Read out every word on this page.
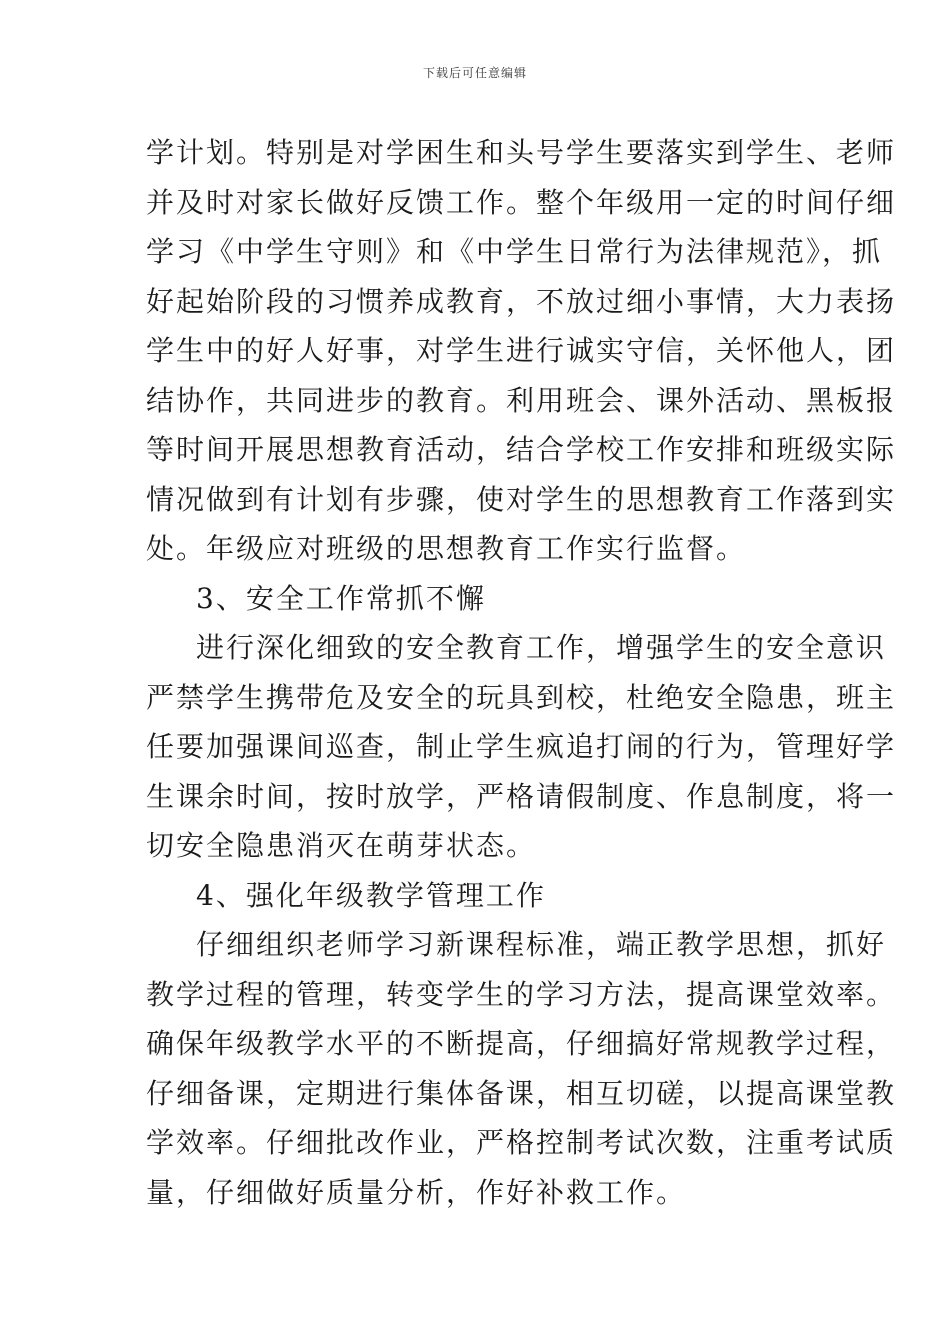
下载后可任意编辑
学计划。特别是对学困生和头号学生要落实到学生、老师
并及时对家长做好反馈工作。整个年级用一定的时间仔细
学习《中学生守则》和《中学生日常行为法律规范》，抓
好起始阶段的习惯养成教育，不放过细小事情，大力表扬
学生中的好人好事，对学生进行诚实守信，关怀他人，团
结协作，共同进步的教育。利用班会、课外活动、黑板报
等时间开展思想教育活动，结合学校工作安排和班级实际
情况做到有计划有步骤，使对学生的思想教育工作落到实
处。年级应对班级的思想教育工作实行监督。
3、安全工作常抓不懈
进行深化细致的安全教育工作，增强学生的安全意识
严禁学生携带危及安全的玩具到校，杜绝安全隐患，班主
任要加强课间巡查，制止学生疯追打闹的行为，管理好学
生课余时间，按时放学，严格请假制度、作息制度，将一
切安全隐患消灭在萌芽状态。
4、强化年级教学管理工作
仔细组织老师学习新课程标准，端正教学思想，抓好
教学过程的管理，转变学生的学习方法，提高课堂效率。
确保年级教学水平的不断提高，仔细搞好常规教学过程，
仔细备课，定期进行集体备课，相互切磋，以提高课堂教
学效率。仔细批改作业，严格控制考试次数，注重考试质
量，仔细做好质量分析，作好补救工作。
